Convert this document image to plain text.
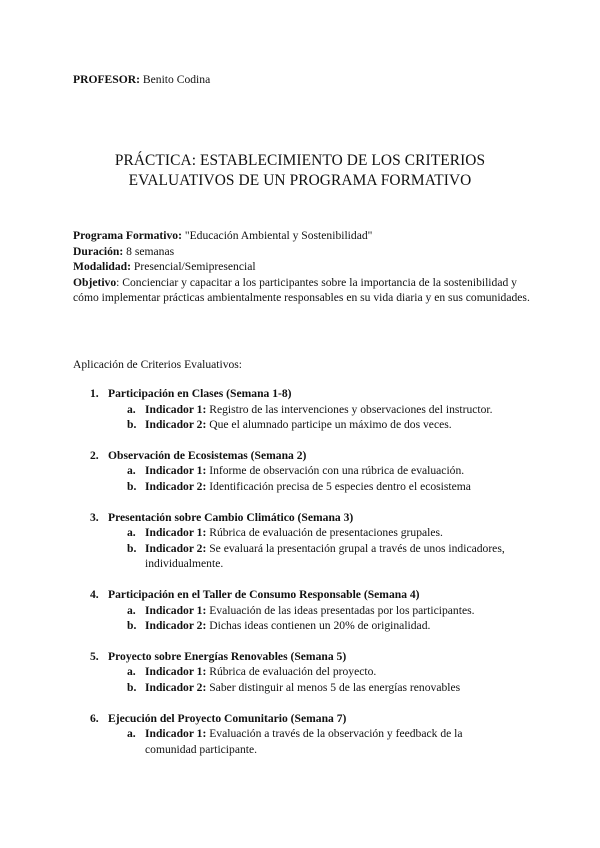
PROFESOR: Benito Codina
PRÁCTICA: ESTABLECIMIENTO DE LOS CRITERIOS
EVALUATIVOS DE UN PROGRAMA FORMATIVO

Programa Formativo: "Educación Ambiental y Sostenibilidad"

Duración: 8 semanas

Modalidad: Presencial/Semipresencial

Objetivo: Concienciar y capacitar a los participantes sobre la importancia de la sostenibilidad y cómo implementar prácticas ambientalmente responsables en su vida diaria y en sus comunidades.

Aplicación de Criterios Evaluativos:
1. Participación en Clases (Semana 1-8)
a. Indicador 1: Registro de las intervenciones y observaciones del instructor.
b. Indicador 2: Que el alumnado participe un máximo de dos veces.
2. Observación de Ecosistemas (Semana 2)
a. Indicador 1: Informe de observación con una rúbrica de evaluación.
b. Indicador 2: Identificación precisa de 5 especies dentro el ecosistema
3. Presentación sobre Cambio Climático (Semana 3)
a. Indicador 1: Rúbrica de evaluación de presentaciones grupales.
b. Indicador 2: Se evaluará la presentación grupal a través de unos indicadores, individualmente.
4. Participación en el Taller de Consumo Responsable (Semana 4)
a. Indicador 1: Evaluación de las ideas presentadas por los participantes.
b. Indicador 2: Dichas ideas contienen un 20% de originalidad.
5. Proyecto sobre Energías Renovables (Semana 5)
a. Indicador 1: Rúbrica de evaluación del proyecto.
b. Indicador 2: Saber distinguir al menos 5 de las energías renovables
6. Ejecución del Proyecto Comunitario (Semana 7)
a. Indicador 1: Evaluación a través de la observación y feedback de la comunidad participante.
